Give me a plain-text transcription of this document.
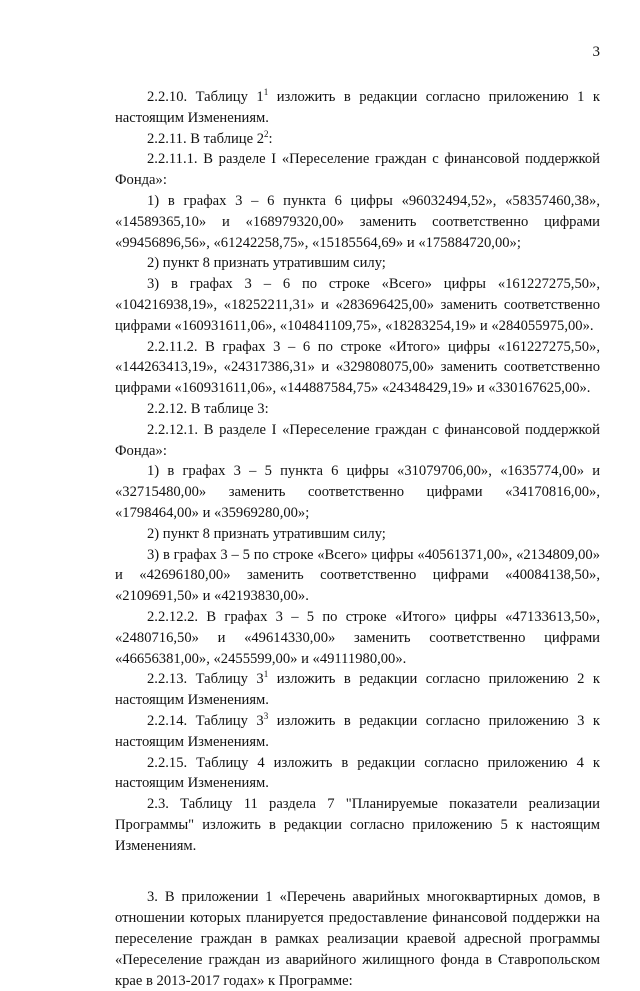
3

2.2.10. Таблицу $1^1$ изложить в редакции согласно приложению 1 к настоящим Изменениям.

2.2.11. В таблице $2^2$:

2.2.11.1. В разделе I «Переселение граждан с финансовой поддержкой Фонда»:

1) в графах 3 – 6 пункта 6 цифры «96032494,52», «58357460,38», «14589365,10» и «168979320,00» заменить соответственно цифрами «99456896,56», «61242258,75», «15185564,69» и «175884720,00»;

2) пункт 8 признать утратившим силу;

3) в графах 3 – 6 по строке «Всего» цифры «161227275,50», «104216938,19», «18252211,31» и «283696425,00» заменить соответственно цифрами «160931611,06», «104841109,75», «18283254,19» и «284055975,00».

2.2.11.2. В графах 3 – 6 по строке «Итого» цифры «161227275,50», «144263413,19», «24317386,31» и «329808075,00» заменить соответственно цифрами «160931611,06», «144887584,75» «24348429,19» и «330167625,00».

2.2.12. В таблице 3:

2.2.12.1. В разделе I «Переселение граждан с финансовой поддержкой Фонда»:

1) в графах 3 – 5 пункта 6 цифры «31079706,00», «1635774,00» и «32715480,00» заменить соответственно цифрами «34170816,00», «1798464,00» и «35969280,00»;

2) пункт 8 признать утратившим силу;

3) в графах 3 – 5 по строке «Всего» цифры «40561371,00», «2134809,00» и «42696180,00» заменить соответственно цифрами «40084138,50», «2109691,50» и «42193830,00».

2.2.12.2. В графах 3 – 5 по строке «Итого» цифры «47133613,50», «2480716,50» и «49614330,00» заменить соответственно цифрами «46656381,00», «2455599,00» и «49111980,00».

2.2.13. Таблицу $3^1$ изложить в редакции согласно приложению 2 к настоящим Изменениям.

2.2.14. Таблицу $3^3$ изложить в редакции согласно приложению 3 к настоящим Изменениям.

2.2.15. Таблицу 4 изложить в редакции согласно приложению 4 к настоящим Изменениям.

2.3. Таблицу 11 раздела 7 "Планируемые показатели реализации Программы" изложить в редакции согласно приложению 5 к настоящим Изменениям.

3. В приложении 1 «Перечень аварийных многоквартирных домов, в отношении которых планируется предоставление финансовой поддержки на переселение граждан в рамках реализации краевой адресной программы «Переселение граждан из аварийного жилищного фонда в Ставропольском крае в 2013-2017 годах» к Программе:
